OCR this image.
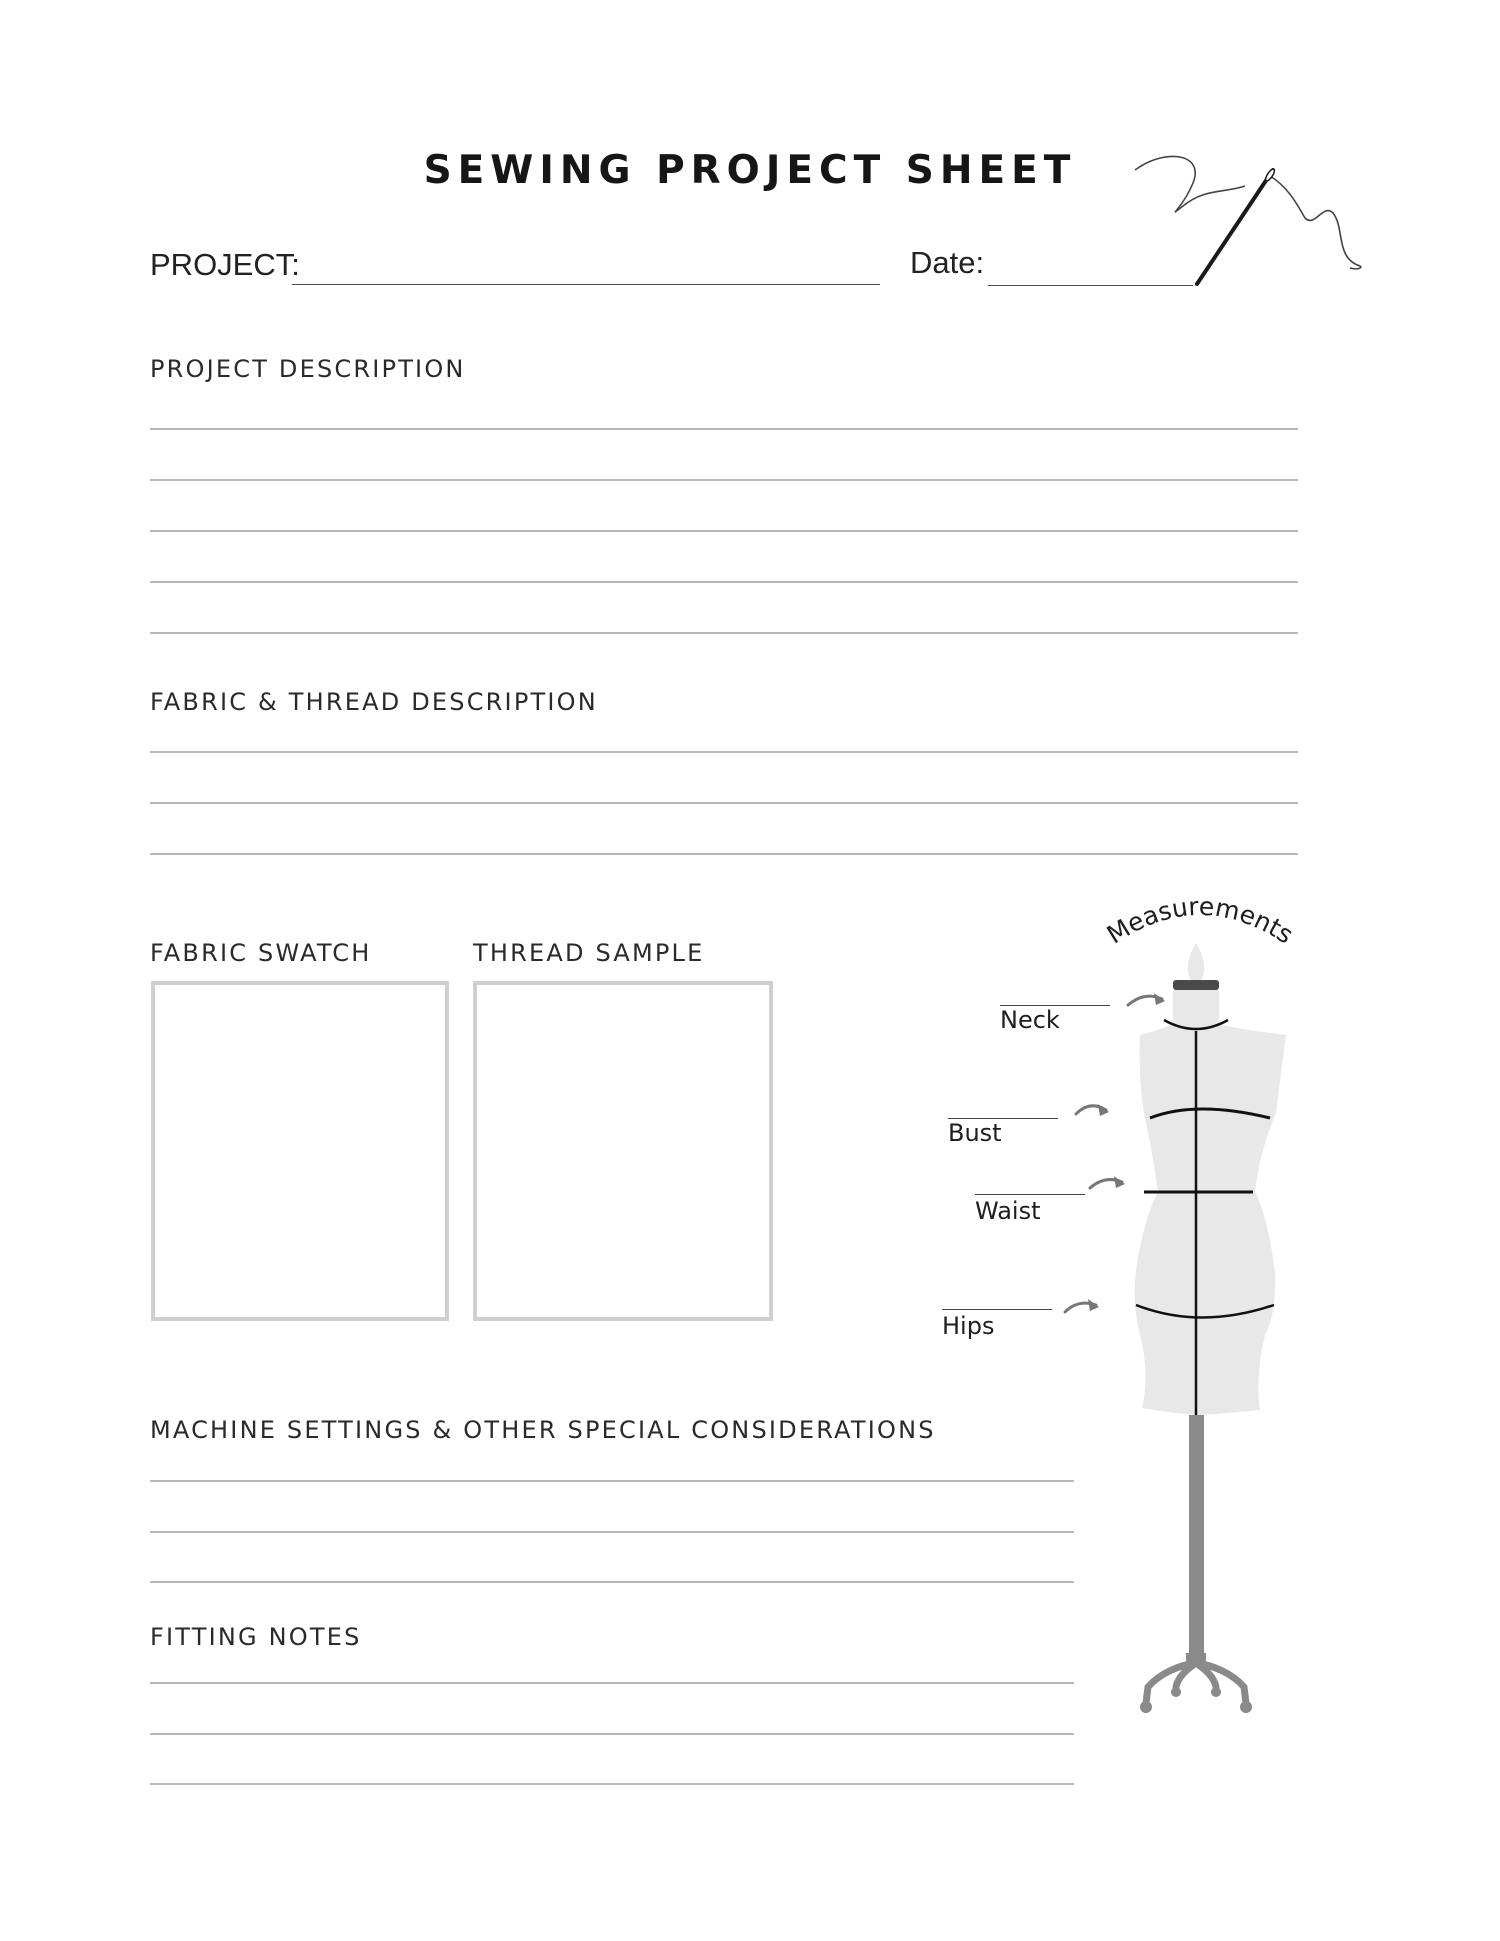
SEWING PROJECT SHEET
PROJECT:	Date:
PROJECT DESCRIPTION
FABRIC & THREAD DESCRIPTION
FABRIC SWATCH	THREAD SAMPLE
MACHINE SETTINGS & OTHER SPECIAL CONSIDERATIONS
FITTING NOTES
Measurements
Neck
Bust
Waist
Hips
